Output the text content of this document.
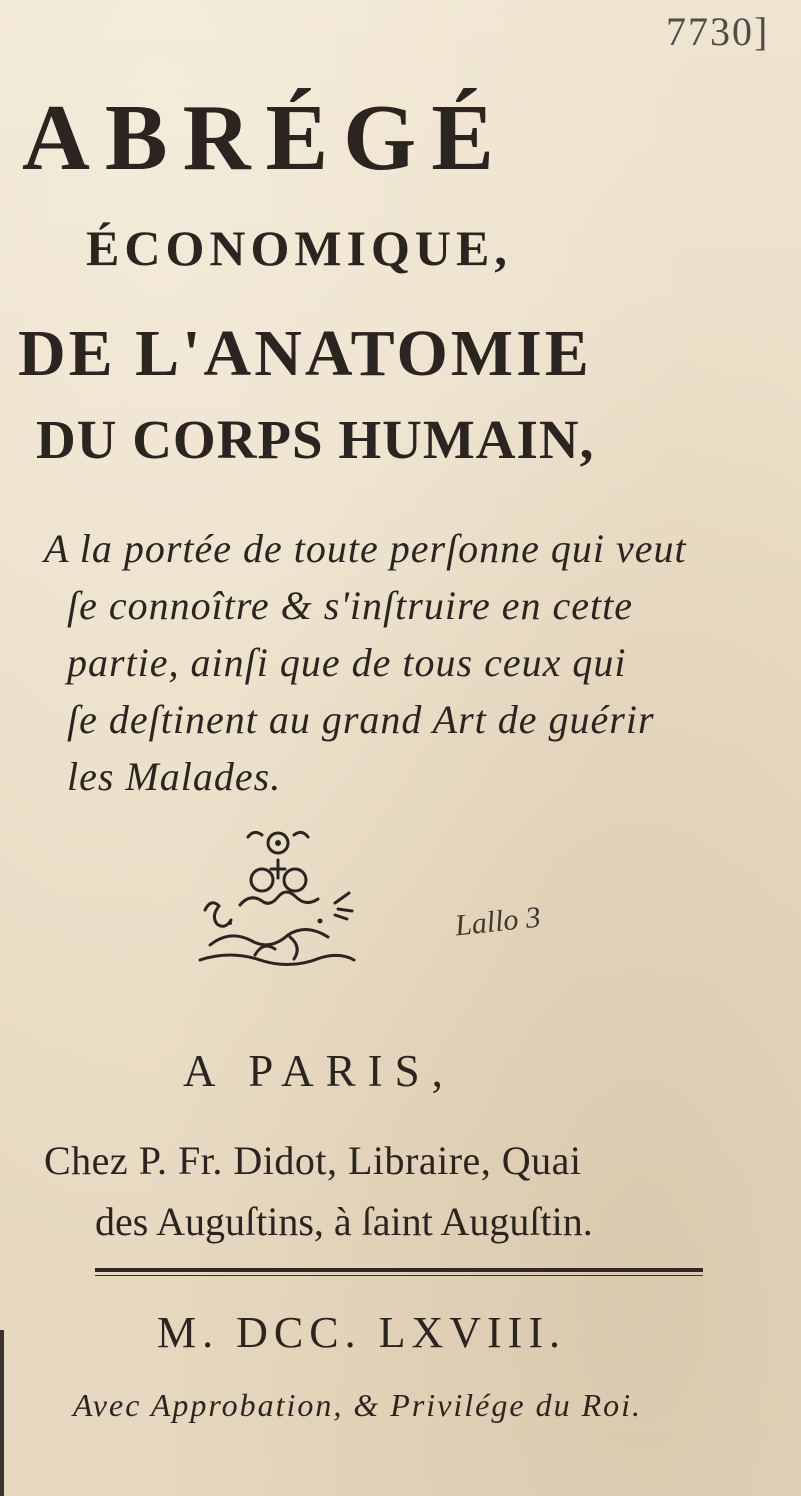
7730]

ABRÉGÉ
ÉCONOMIQUE,
DE L'ANATOMIE
DU CORPS HUMAIN,

A la portée de toute perſonne qui veut

ſe connoître & s'inſtruire en cette

partie, ainſi que de tous ceux qui

ſe deſtinent au grand Art de guérir

les Malades.

Lallo 3

A PARIS,

Chez P. Fr. Didot, Libraire, Quai

des Auguſtins, à ſaint Auguſtin.

M. DCC. LXVIII.

Avec Approbation, & Privilége du Roi.
